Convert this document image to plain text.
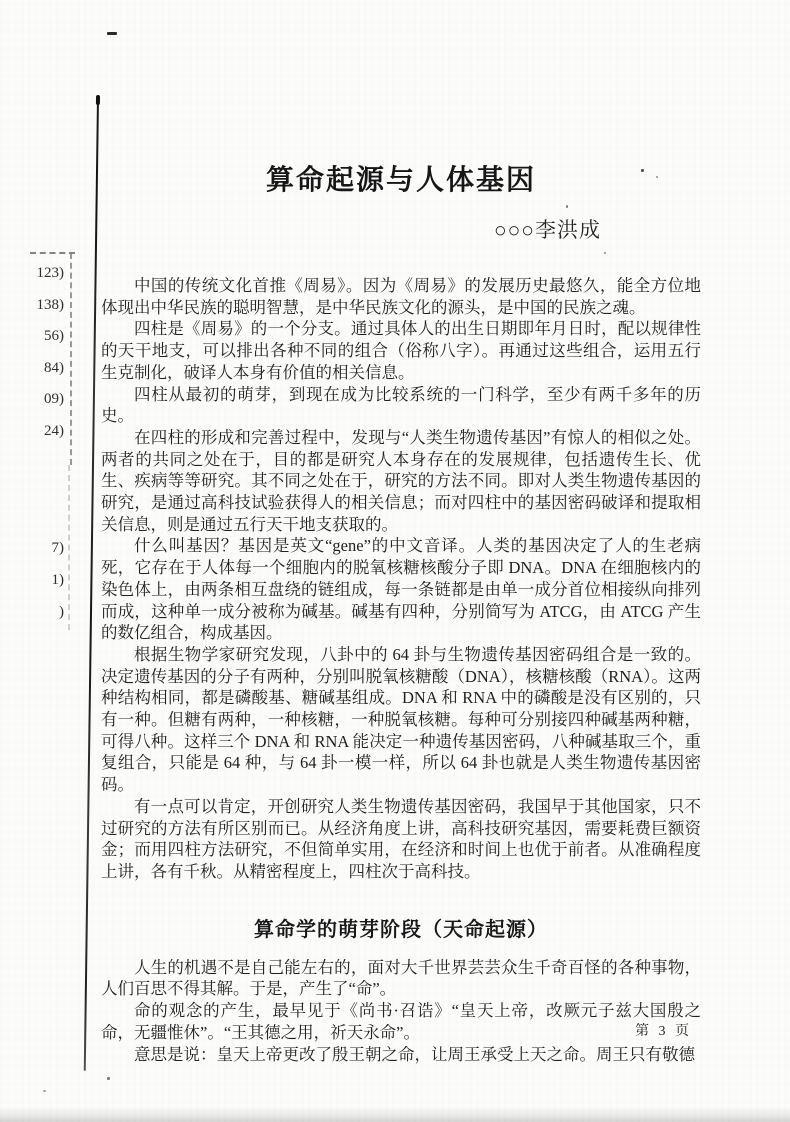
123)
138)
56)
84)
09)
24)
7)
1)
)
算命起源与人体基因
○○○李洪成

中国的传统文化首推《周易》。因为《周易》的发展历史最悠久，能全方位地体现出中华民族的聪明智慧，是中华民族文化的源头，是中国的民族之魂。

四柱是《周易》的一个分支。通过具体人的出生日期即年月日时，配以规律性的天干地支，可以排出各种不同的组合（俗称八字）。再通过这些组合，运用五行生克制化，破译人本身有价值的相关信息。

四柱从最初的萌芽，到现在成为比较系统的一门科学，至少有两千多年的历史。

在四柱的形成和完善过程中，发现与“人类生物遗传基因”有惊人的相似之处。两者的共同之处在于，目的都是研究人本身存在的发展规律，包括遗传生长、优生、疾病等等研究。其不同之处在于，研究的方法不同。即对人类生物遗传基因的研究，是通过高科技试验获得人的相关信息；而对四柱中的基因密码破译和提取相关信息，则是通过五行天干地支获取的。

什么叫基因？基因是英文“gene”的中文音译。人类的基因决定了人的生老病死，它存在于人体每一个细胞内的脱氧核糖核酸分子即 DNA。DNA 在细胞核内的染色体上，由两条相互盘绕的链组成，每一条链都是由单一成分首位相接纵向排列而成，这种单一成分被称为碱基。碱基有四种，分别简写为 ATCG，由 ATCG 产生的数亿组合，构成基因。

根据生物学家研究发现，八卦中的 64 卦与生物遗传基因密码组合是一致的。决定遗传基因的分子有两种，分别叫脱氧核糖酸（DNA），核糖核酸（RNA）。这两种结构相同，都是磷酸基、糖碱基组成。DNA 和 RNA 中的磷酸是没有区别的，只有一种。但糖有两种，一种核糖，一种脱氧核糖。每种可分别接四种碱基两种糖，可得八种。这样三个 DNA 和 RNA 能决定一种遗传基因密码，八种碱基取三个，重复组合，只能是 64 种，与 64 卦一模一样，所以 64 卦也就是人类生物遗传基因密码。

有一点可以肯定，开创研究人类生物遗传基因密码，我国早于其他国家，只不过研究的方法有所区别而已。从经济角度上讲，高科技研究基因，需要耗费巨额资金；而用四柱方法研究，不但简单实用，在经济和时间上也优于前者。从准确程度上讲，各有千秋。从精密程度上，四柱次于高科技。

算命学的萌芽阶段（天命起源）

人生的机遇不是自己能左右的，面对大千世界芸芸众生千奇百怪的各种事物，人们百思不得其解。于是，产生了“命”。

命的观念的产生，最早见于《尚书·召诰》“皇天上帝，改厥元子兹大国殷之命，无疆惟休”。“王其德之用，祈天永命”。

意思是说：皇天上帝更改了殷王朝之命，让周王承受上天之命。周王只有敬德

第 3 页
